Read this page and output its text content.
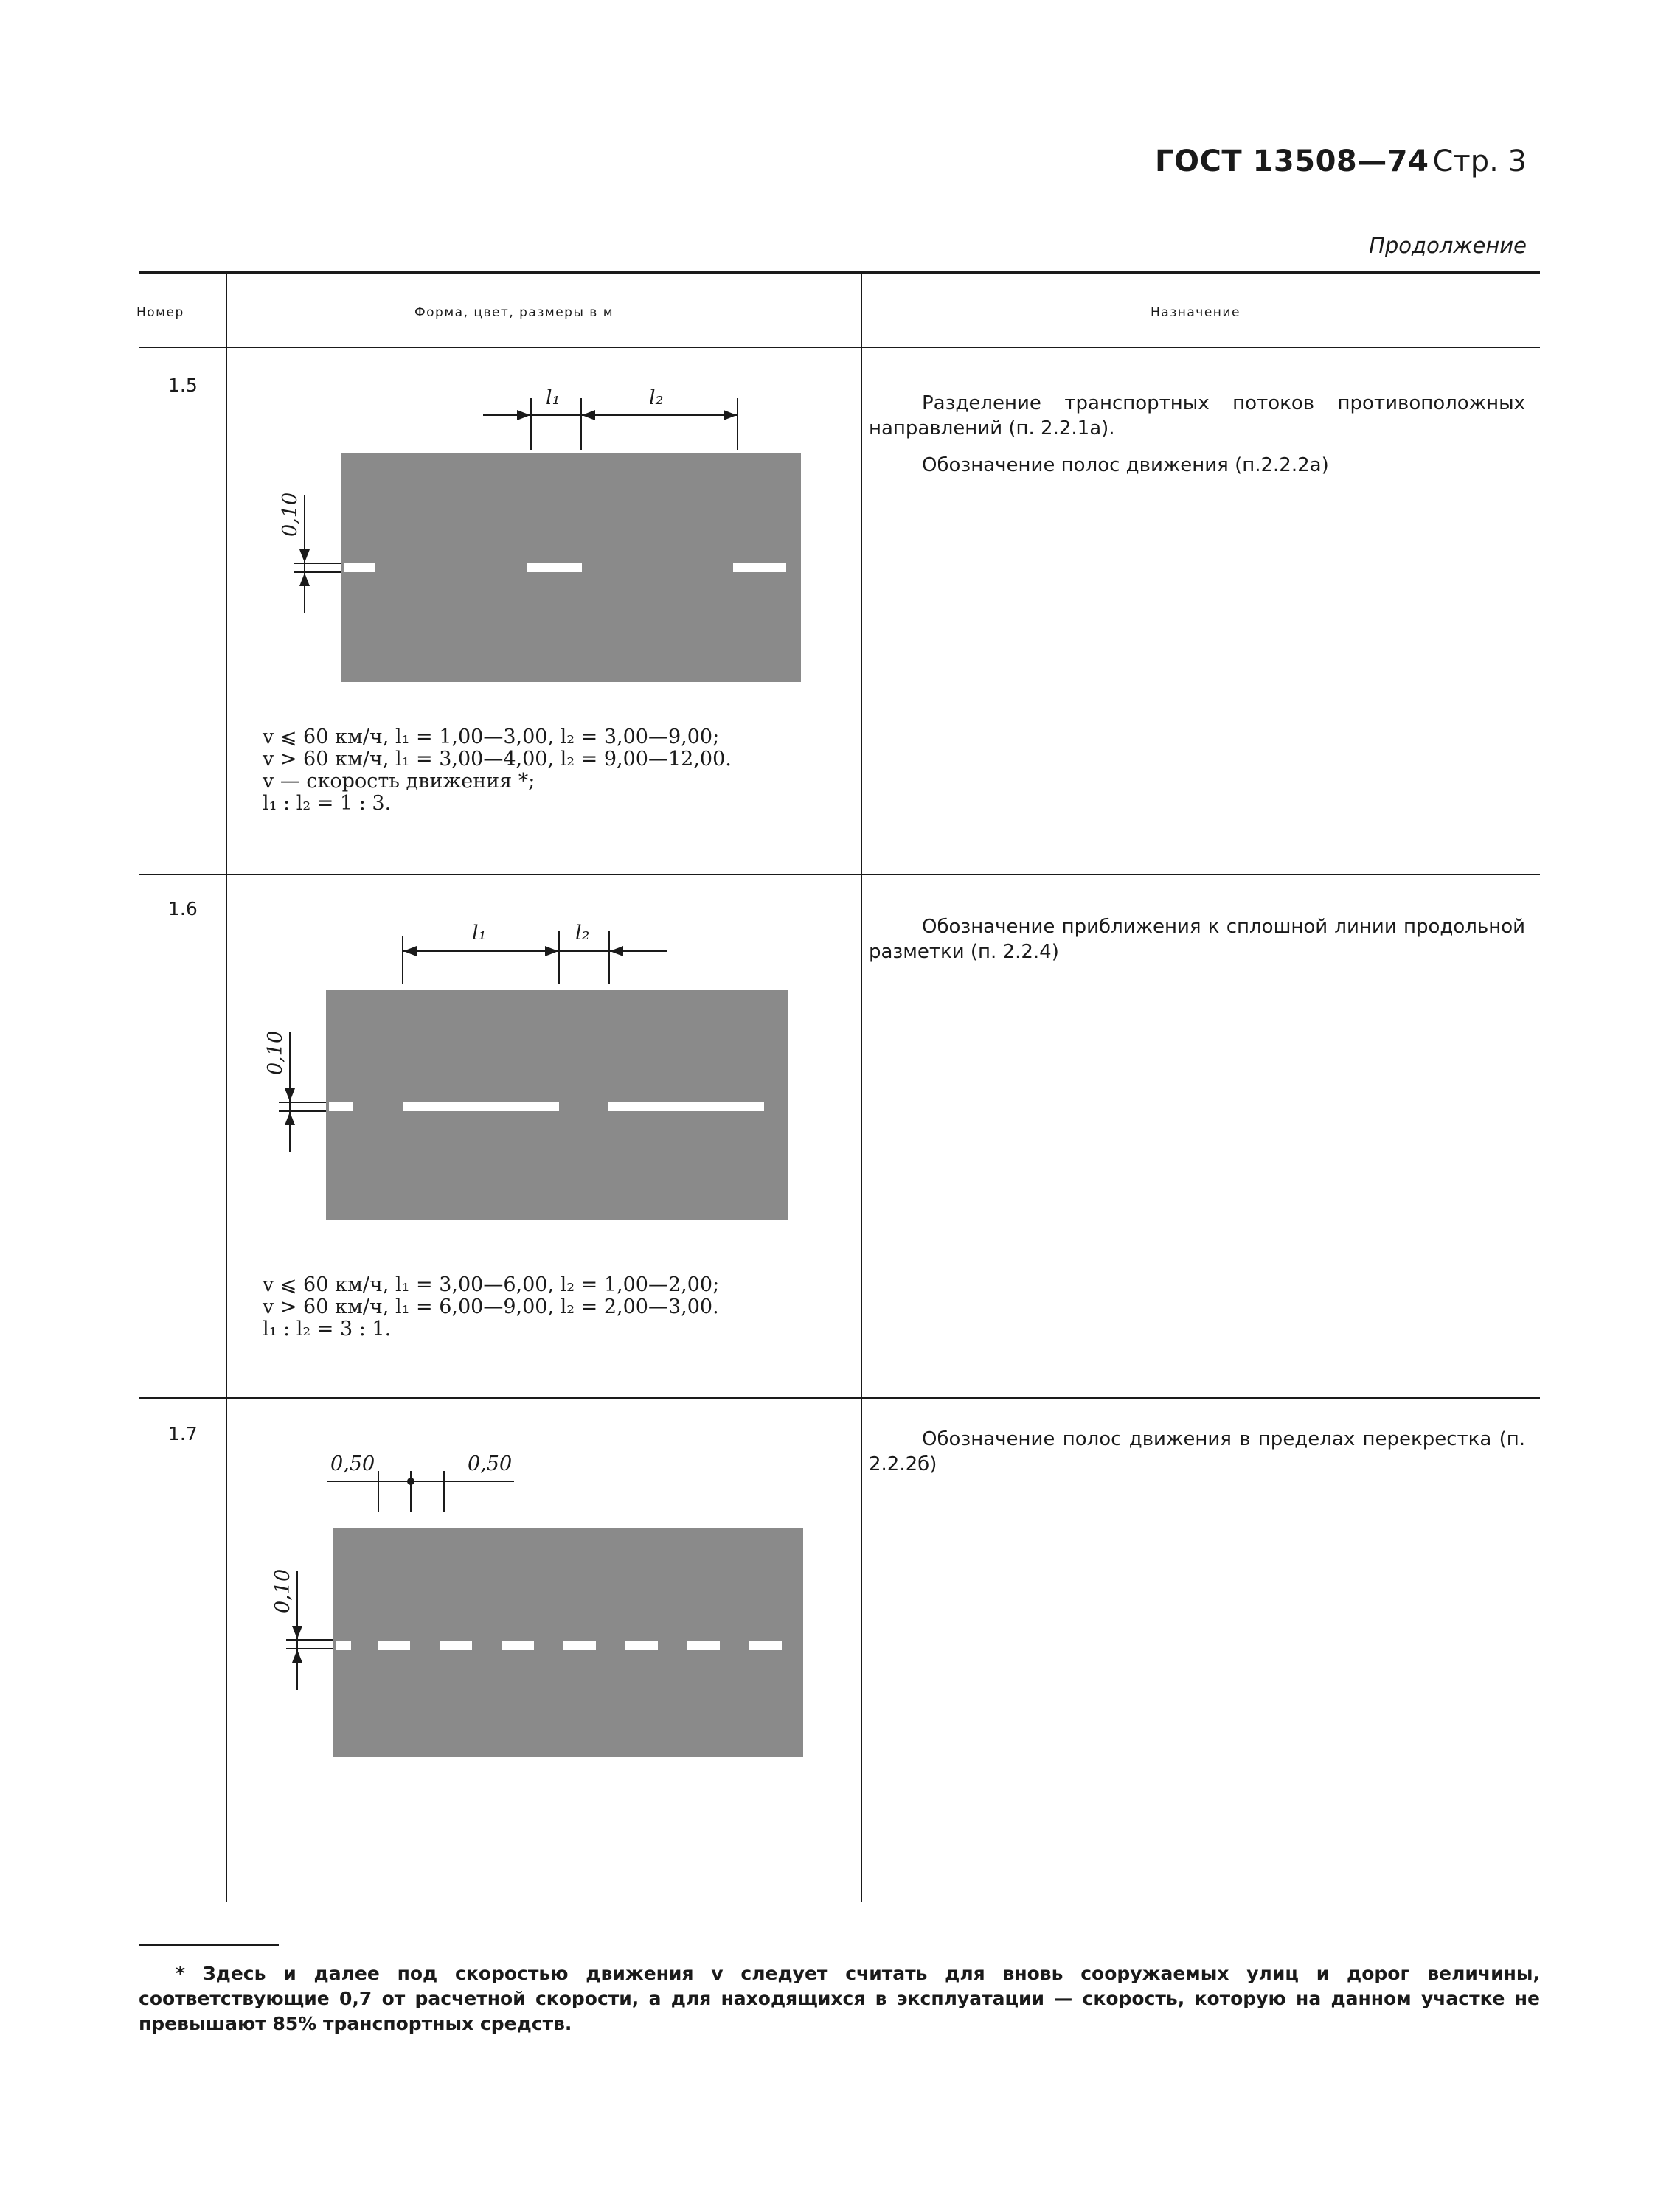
ГОСТ 13508—74 Стр. 3
Продолжение
Номер	Форма, цвет, размеры в м	Назначение
1.5
l₁	l₂
0,10
v ⩽ 60 км/ч, l₁ = 1,00—3,00, l₂ = 3,00—9,00;
v > 60 км/ч, l₁ = 3,00—4,00, l₂ = 9,00—12,00.
v — скорость движения *;
l₁ : l₂ = 1 : 3.

Разделение транспортных потоков противоположных направлений (п. 2.2.1а).

Обозначение полос движения (п.2.2.2а)

1.6
l₁	l₂
0,10
v ⩽ 60 км/ч, l₁ = 3,00—6,00, l₂ = 1,00—2,00;
v > 60 км/ч, l₁ = 6,00—9,00, l₂ = 2,00—3,00.
l₁ : l₂ = 3 : 1.

Обозначение приближения к сплошной линии продольной разметки (п. 2.2.4)

1.7
0,50	0,50
0,10

Обозначение полос движения в пределах перекрестка (п. 2.2.2б)

* Здесь и далее под скоростью движения v следует считать для вновь сооружаемых улиц и дорог величины, соответствующие 0,7 от расчетной скорости, а для находящихся в эксплуатации — скорость, которую на данном участке не превышают 85% транспортных средств.
